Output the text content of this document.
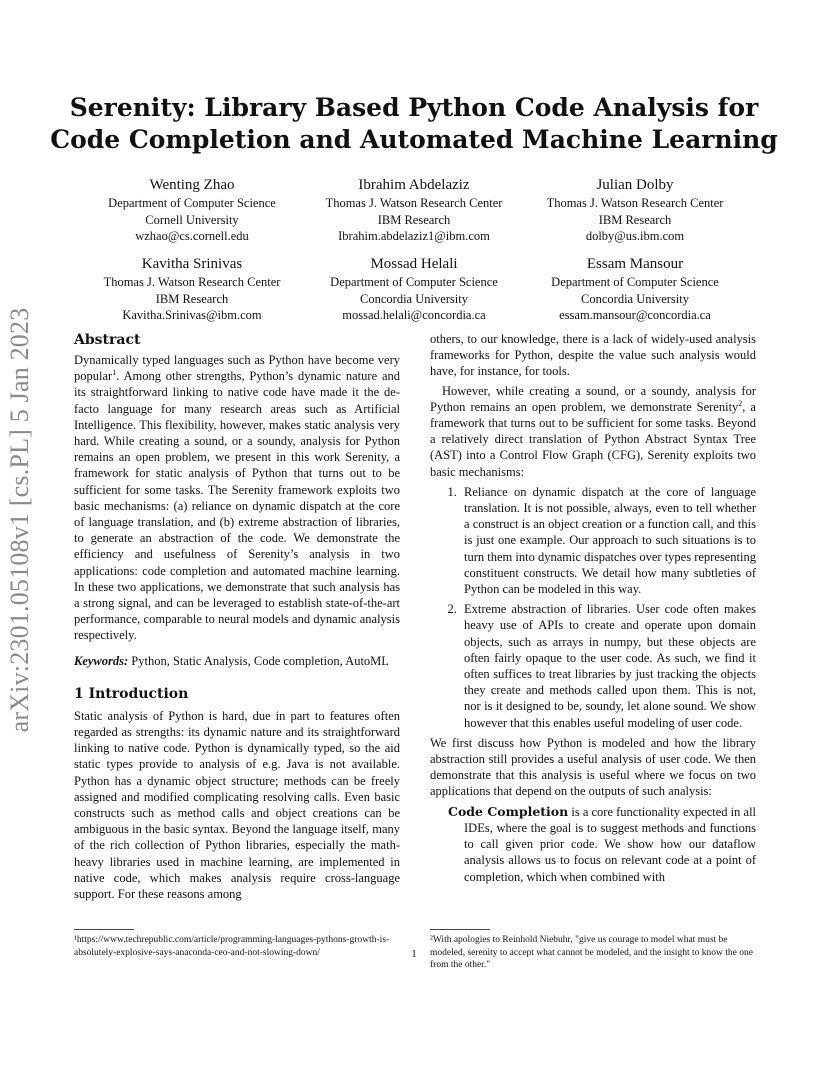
Serenity: Library Based Python Code Analysis for
Code Completion and Automated Machine Learning
Wenting Zhao
Department of Computer Science
Cornell University
wzhao@cs.cornell.edu
Ibrahim Abdelaziz
Thomas J. Watson Research Center
IBM Research
Ibrahim.abdelaziz1@ibm.com
Julian Dolby
Thomas J. Watson Research Center
IBM Research
dolby@us.ibm.com
Kavitha Srinivas
Thomas J. Watson Research Center
IBM Research
Kavitha.Srinivas@ibm.com
Mossad Helali
Department of Computer Science
Concordia University
mossad.helali@concordia.ca
Essam Mansour
Department of Computer Science
Concordia University
essam.mansour@concordia.ca
arXiv:2301.05108v1 [cs.PL] 5 Jan 2023	Abstract

Dynamically typed languages such as Python have become very popular$^1$. Among other strengths, Python’s dynamic nature and its straightforward linking to native code have made it the de-facto language for many research areas such as Artificial Intelligence. This flexibility, however, makes static analysis very hard. While creating a sound, or a soundy, analysis for Python remains an open problem, we present in this work Serenity, a framework for static analysis of Python that turns out to be sufficient for some tasks. The Serenity framework exploits two basic mechanisms: (a) reliance on dynamic dispatch at the core of language translation, and (b) extreme abstraction of libraries, to generate an abstraction of the code. We demonstrate the efficiency and usefulness of Serenity’s analysis in two applications: code completion and automated machine learning. In these two applications, we demonstrate that such analysis has a strong signal, and can be leveraged to establish state-of-the-art performance, comparable to neural models and dynamic analysis respectively.

Keywords: Python, Static Analysis, Code completion, AutoML

1 Introduction

Static analysis of Python is hard, due in part to features often regarded as strengths: its dynamic nature and its straightforward linking to native code. Python is dynamically typed, so the aid static types provide to analysis of e.g. Java is not available. Python has a dynamic object structure; methods can be freely assigned and modified complicating resolving calls. Even basic constructs such as method calls and object creations can be ambiguous in the basic syntax. Beyond the language itself, many of the rich collection of Python libraries, especially the math-heavy libraries used in machine learning, are implemented in native code, which makes analysis require cross-language support. For these reasons among

¹https://www.techrepublic.com/article/programming-languages-pythons-growth-is-absolutely-explosive-says-anaconda-ceo-and-not-slowing-down/

others, to our knowledge, there is a lack of widely-used analysis frameworks for Python, despite the value such analysis would have, for instance, for tools.

However, while creating a sound, or a soundy, analysis for Python remains an open problem, we demonstrate Serenity$^2$, a framework that turns out to be sufficient for some tasks. Beyond a relatively direct translation of Python Abstract Syntax Tree (AST) into a Control Flow Graph (CFG), Serenity exploits two basic mechanisms:

1. Reliance on dynamic dispatch at the core of language translation. It is not possible, always, even to tell whether a construct is an object creation or a function call, and this is just one example. Our approach to such situations is to turn them into dynamic dispatches over types representing constituent constructs. We detail how many subtleties of Python can be modeled in this way.
2. Extreme abstraction of libraries. User code often makes heavy use of APIs to create and operate upon domain objects, such as arrays in numpy, but these objects are often fairly opaque to the user code. As such, we find it often suffices to treat libraries by just tracking the objects they create and methods called upon them. This is not, nor is it designed to be, soundy, let alone sound. We show however that this enables useful modeling of user code.

We first discuss how Python is modeled and how the library abstraction still provides a useful analysis of user code. We then demonstrate that this analysis is useful where we focus on two applications that depend on the outputs of such analysis:

Code Completion is a core functionality expected in all IDEs, where the goal is to suggest methods and functions to call given prior code. We show how our dataflow analysis allows us to focus on relevant code at a point of completion, which when combined with

²With apologies to Reinhold Niebuhr, "give us courage to model what must be modeled, serenity to accept what cannot be modeled, and the insight to know the one from the other."
1
